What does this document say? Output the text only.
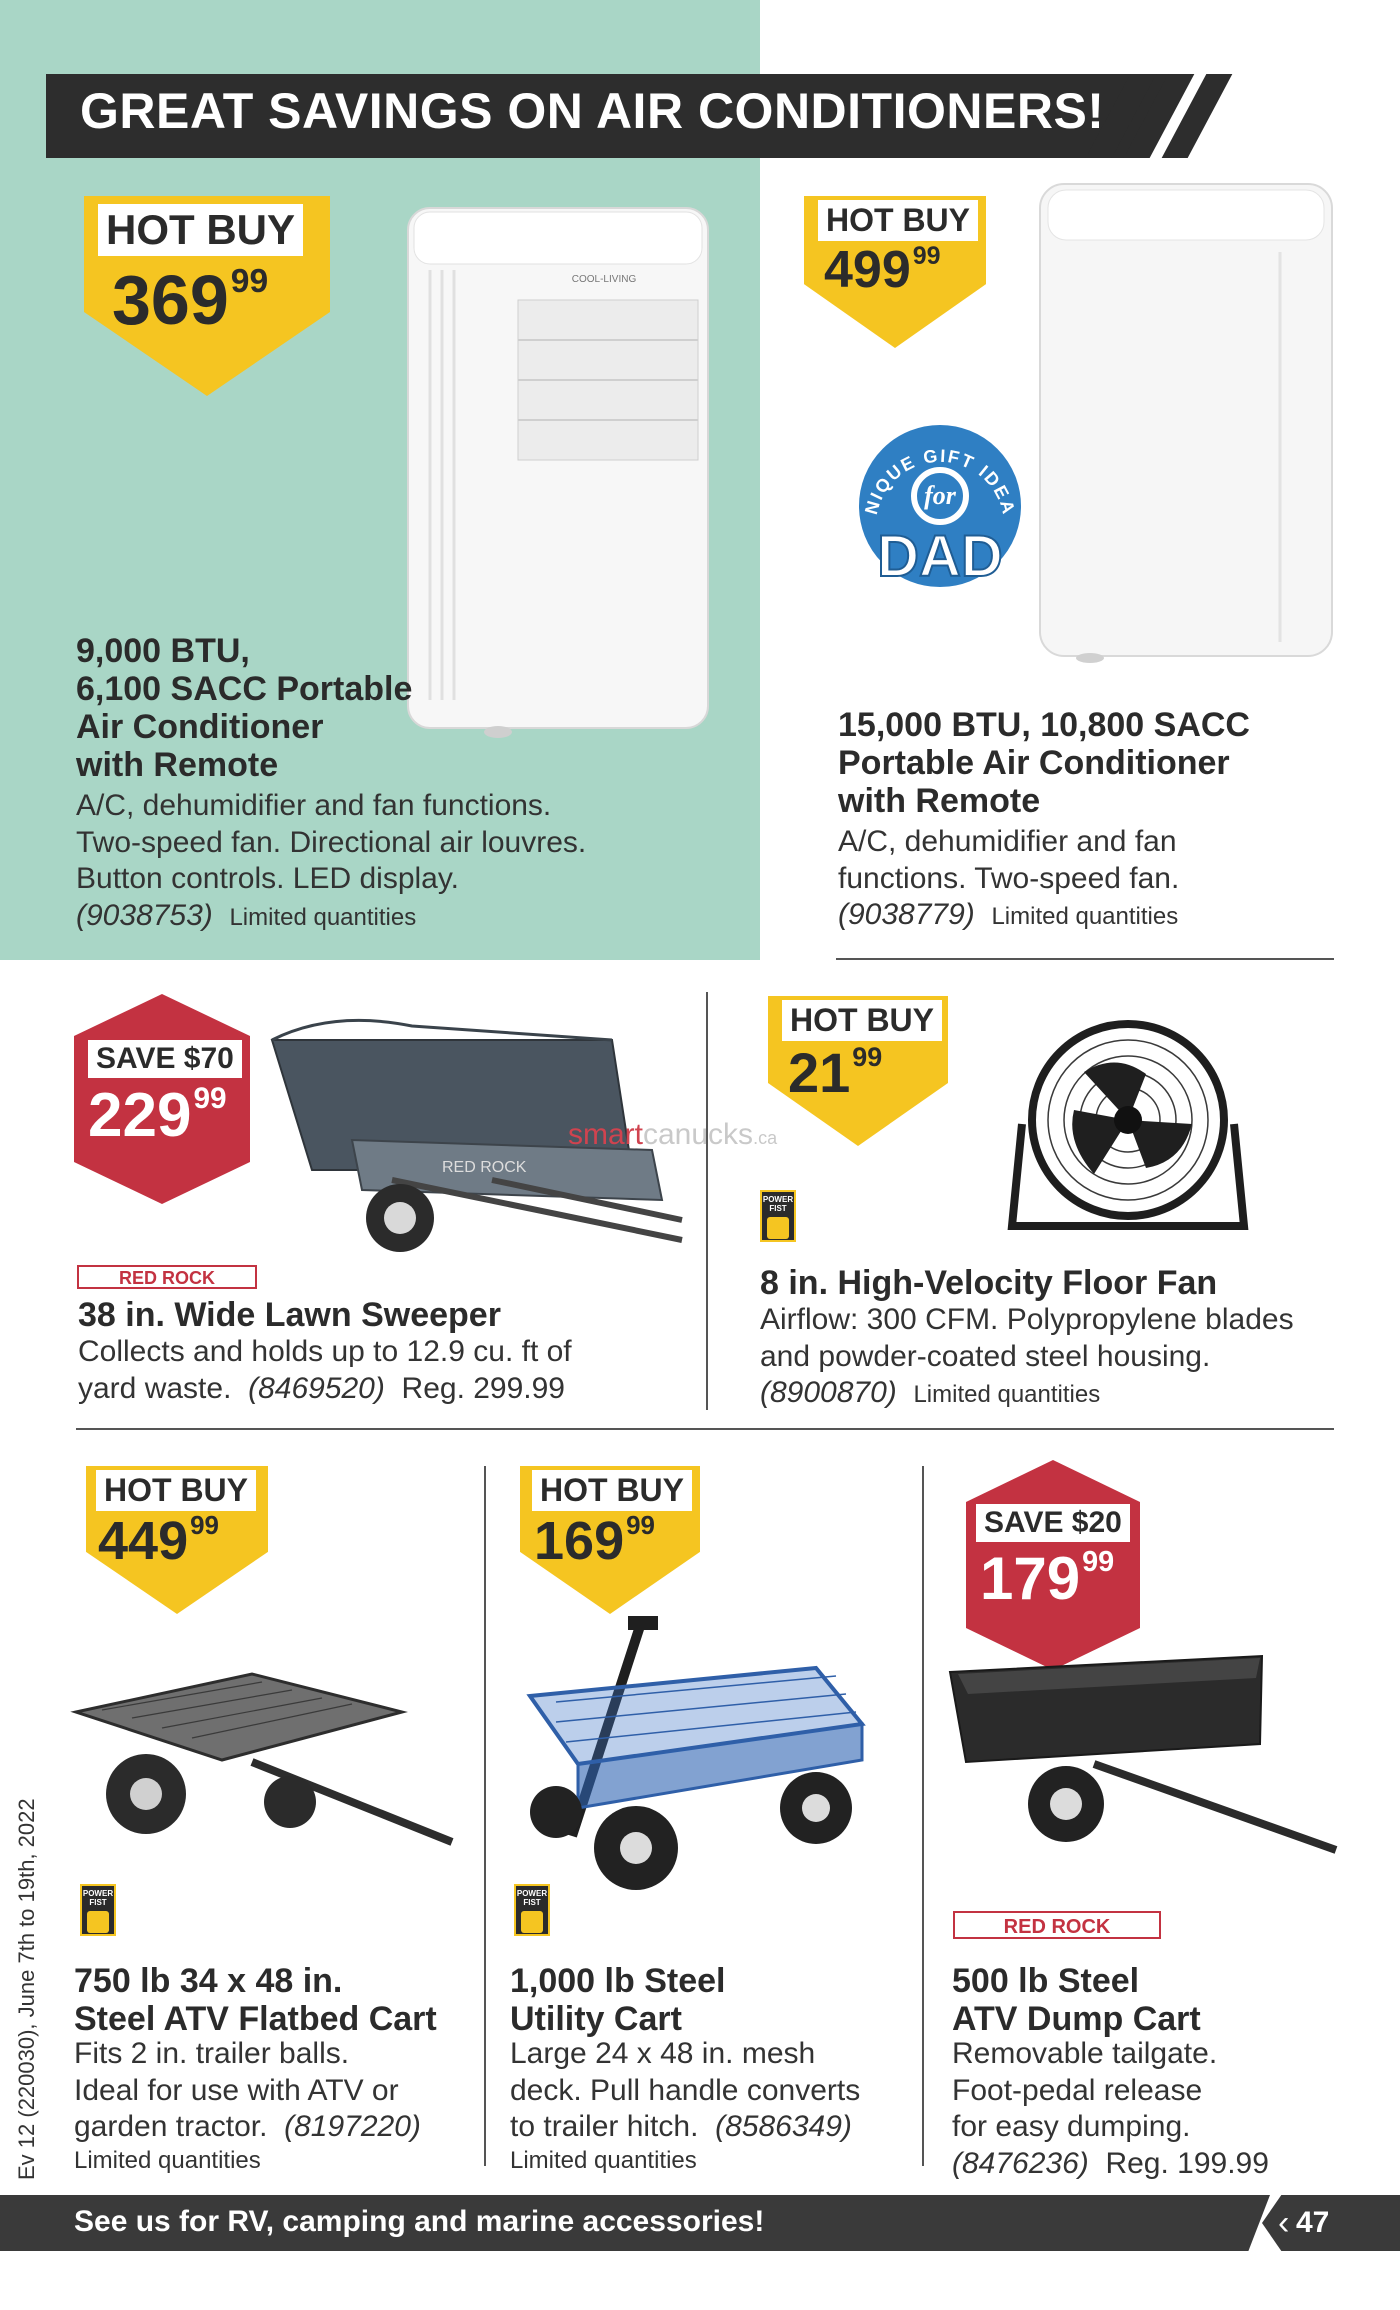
GREAT SAVINGS ON AIR CONDITIONERS!
HOT BUY
$369^{99}$	COOL-LIVING
9,000 BTU,
6,100 SACC Portable
Air Conditioner
with Remote
A/C, dehumidifier and fan functions.
Two-speed fan. Directional air louvres.
Button controls. LED display.
(9038753) Limited quantities
HOT BUY
$499^{99}$
UNIQUE GIFT IDEAS
for
DAD
15,000 BTU, 10,800 SACC
Portable Air Conditioner
with Remote
A/C, dehumidifier and fan
functions. Two-speed fan.
(9038779) Limited quantities
SAVE $70
$229^{99}$
RED ROCK
RED ROCK
38 in. Wide Lawn Sweeper
Collects and holds up to 12.9 cu. ft of
yard waste. (8469520) Reg. 299.99
smartcanucks.ca
HOT BUY
$21^{99}$
POWER
FIST
8 in. High-Velocity Floor Fan
Airflow: 300 CFM. Polypropylene blades
and powder-coated steel housing.
(8900870) Limited quantities
HOT BUY
$449^{99}$
POWER
FIST
750 lb 34 x 48 in.
Steel ATV Flatbed Cart
Fits 2 in. trailer balls.
Ideal for use with ATV or
garden tractor. (8197220)
Limited quantities
HOT BUY
$169^{99}$
POWER
FIST
1,000 lb Steel
Utility Cart
Large 24 x 48 in. mesh
deck. Pull handle converts
to trailer hitch. (8586349)
Limited quantities
SAVE $20
$179^{99}$
RED ROCK
500 lb Steel
ATV Dump Cart
Removable tailgate.
Foot-pedal release
for easy dumping.
(8476236) Reg. 199.99
Ev 12 (220030), June 7th to 19th, 2022
See us for RV, camping and marine accessories!	‹ 47
